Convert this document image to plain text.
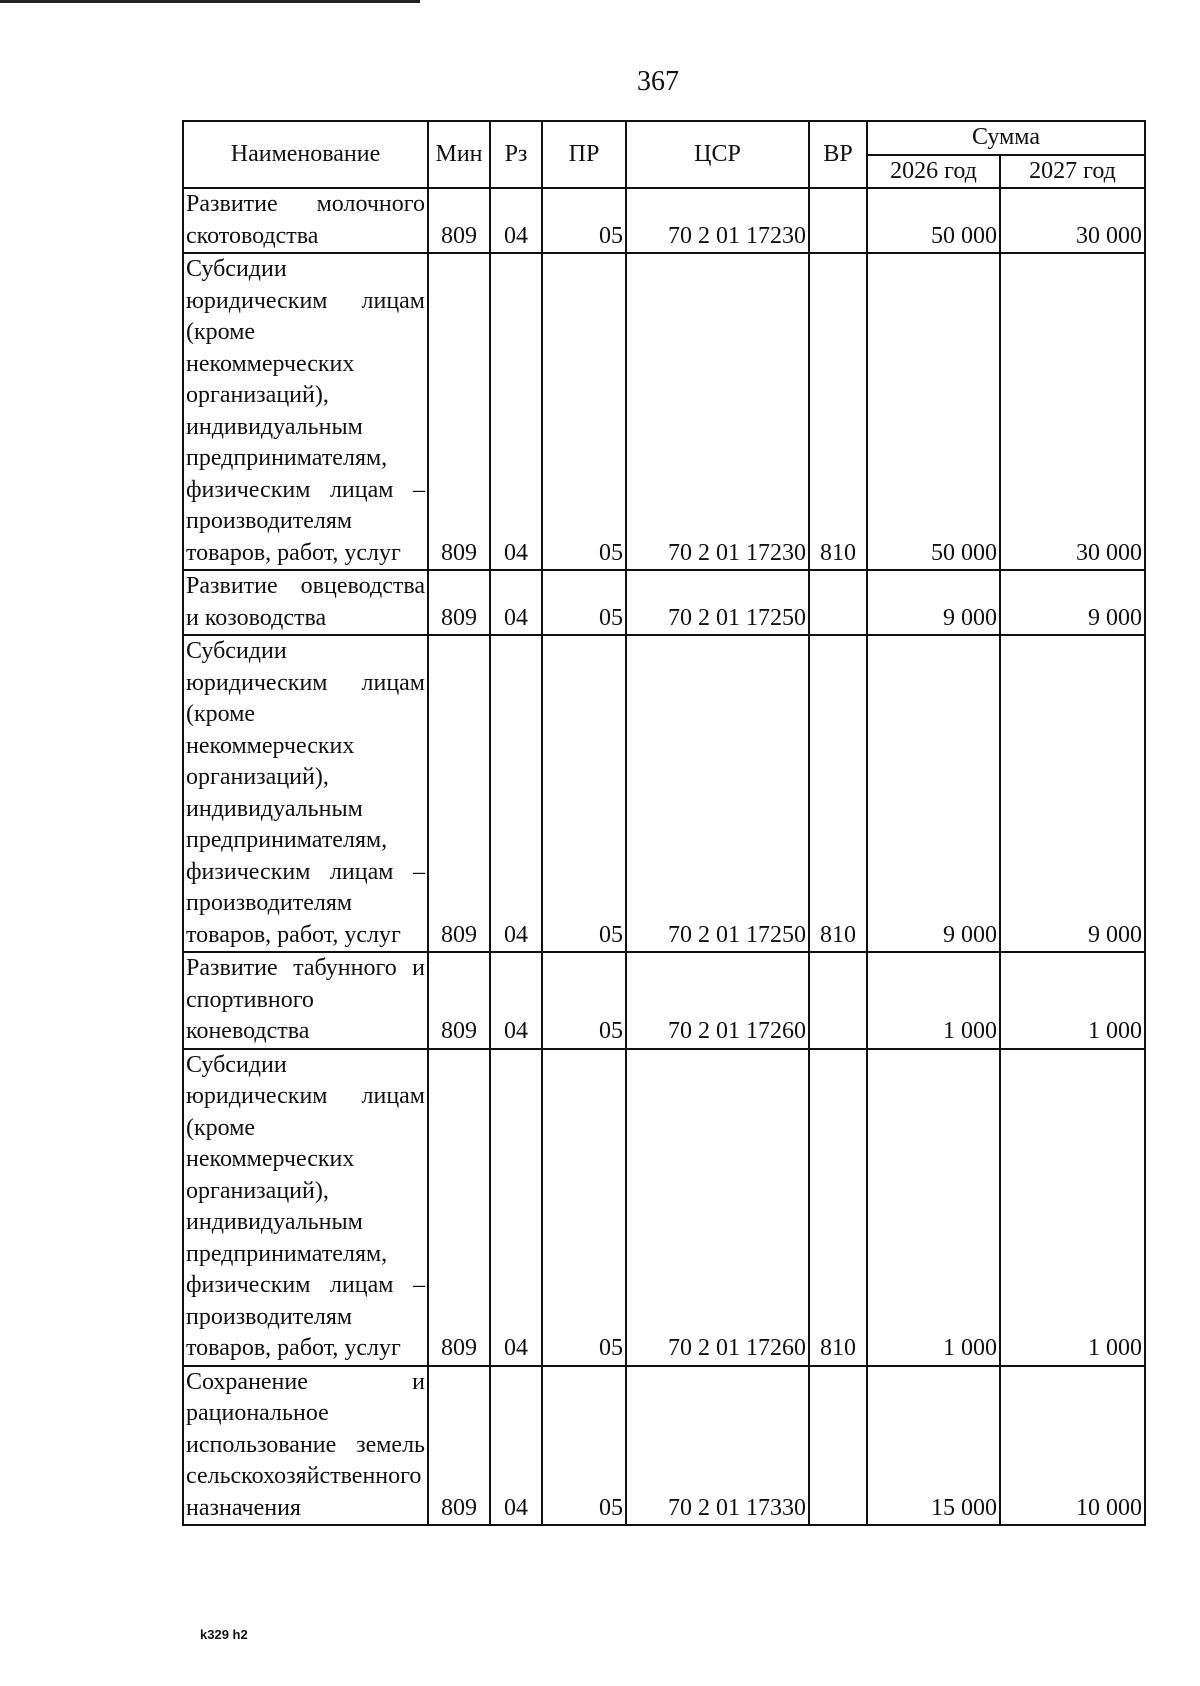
367
Наименование	Мин	Рз	ПР	ЦСР	ВР	Сумма	
						2026 год	2027 год
Развитие молочного скотоводства	809	04	05	70 2 01 17230		50 000	30 000
Субсидии юридическим лицам (кроме некоммерческих организаций), индивидуальным предпринимателям, физическим лицам – производителям товаров, работ, услуг	809	04	05	70 2 01 17230	810	50 000	30 000
Развитие овцеводства и козоводства	809	04	05	70 2 01 17250		9 000	9 000
Субсидии юридическим лицам (кроме некоммерческих организаций), индивидуальным предпринимателям, физическим лицам – производителям товаров, работ, услуг	809	04	05	70 2 01 17250	810	9 000	9 000
Развитие табунного и спортивного коневодства	809	04	05	70 2 01 17260		1 000	1 000
Субсидии юридическим лицам (кроме некоммерческих организаций), индивидуальным предпринимателям, физическим лицам – производителям товаров, работ, услуг	809	04	05	70 2 01 17260	810	1 000	1 000
Сохранение и рациональное использование земель сельскохозяйственного назначения	809	04	05	70 2 01 17330		15 000	10 000
k329 h2
